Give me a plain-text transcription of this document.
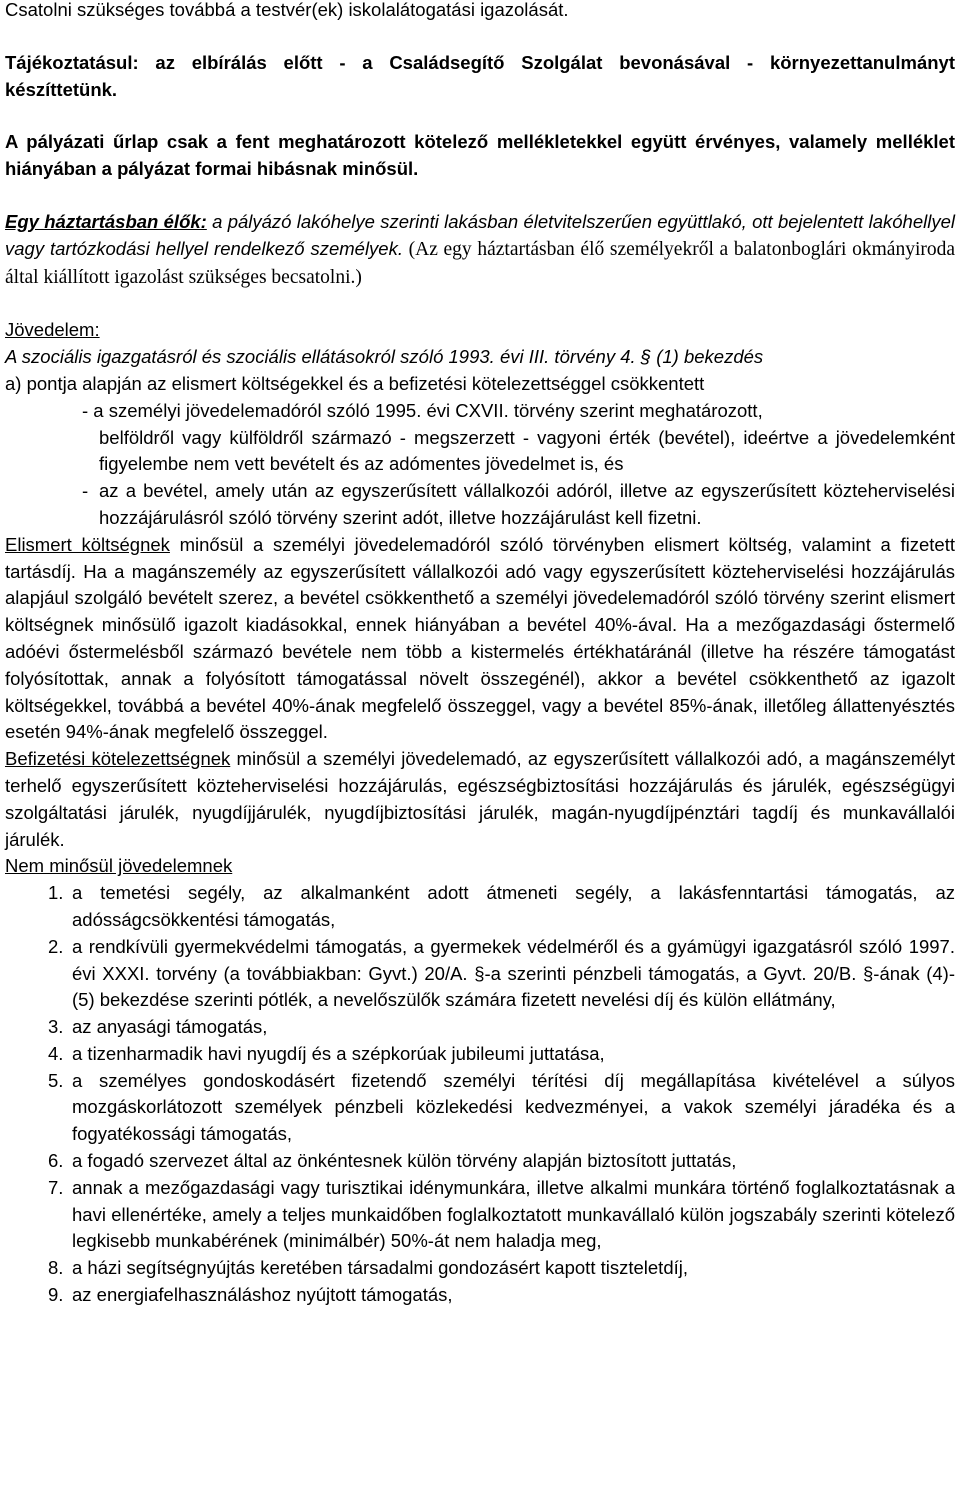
Csatolni szükséges továbbá a testvér(ek) iskolalátogatási igazolását.

Tájékoztatásul: az elbírálás előtt - a Családsegítő Szolgálat bevonásával - környezettanulmányt készíttetünk.

A pályázati űrlap csak a fent meghatározott kötelező mellékletekkel együtt érvényes, valamely melléklet hiányában a pályázat formai hibásnak minősül.

Egy háztartásban élők: a pályázó lakóhelye szerinti lakásban életvitelszerűen együttlakó, ott bejelentett lakóhellyel vagy tartózkodási hellyel rendelkező személyek. (Az egy háztartásban élő személyekről a balatonboglári okmányiroda által kiállított igazolást szükséges becsatolni.)

Jövedelem:

A szociális igazgatásról és szociális ellátásokról szóló 1993. évi III. törvény 4. § (1) bekezdés

a) pontja alapján az elismert költségekkel és a befizetési kötelezettséggel csökkentett

- a személyi jövedelemadóról szóló 1995. évi CXVII. törvény szerint meghatározott,

belföldről vagy külföldről származó - megszerzett - vagyoni érték (bevétel), ideértve a jövedelemként figyelembe nem vett bevételt és az adómentes jövedelmet is, és

- az a bevétel, amely után az egyszerűsített vállalkozói adóról, illetve az egyszerűsített közteherviselési hozzájárulásról szóló törvény szerint adót, illetve hozzájárulást kell fizetni.

Elismert költségnek minősül a személyi jövedelemadóról szóló törvényben elismert költség, valamint a fizetett tartásdíj. Ha a magánszemély az egyszerűsített vállalkozói adó vagy egyszerűsített közteherviselési hozzájárulás alapjául szolgáló bevételt szerez, a bevétel csökkenthető a személyi jövedelemadóról szóló törvény szerint elismert költségnek minősülő igazolt kiadásokkal, ennek hiányában a bevétel 40%-ával. Ha a mezőgazdasági őstermelő adóévi őstermelésből származó bevétele nem több a kistermelés értékhatáránál (illetve ha részére támogatást folyósítottak, annak a folyósított támogatással növelt összegénél), akkor a bevétel csökkenthető az igazolt költségekkel, továbbá a bevétel 40%-ának megfelelő összeggel, vagy a bevétel 85%-ának, illetőleg állattenyésztés esetén 94%-ának megfelelő összeggel.

Befizetési kötelezettségnek minősül a személyi jövedelemadó, az egyszerűsített vállalkozói adó, a magánszemélyt terhelő egyszerűsített közteherviselési hozzájárulás, egészségbiztosítási hozzájárulás és járulék, egészségügyi szolgáltatási járulék, nyugdíjjárulék, nyugdíjbiztosítási járulék, magán-nyugdíjpénztári tagdíj és munkavállalói járulék.

Nem minősül jövedelemnek

1. a temetési segély, az alkalmanként adott átmeneti segély, a lakásfenntartási támogatás, az adósságcsökkentési támogatás,
2. a rendkívüli gyermekvédelmi támogatás, a gyermekek védelméről és a gyámügyi igazgatásról szóló 1997. évi XXXI. torvény (a továbbiakban: Gyvt.) 20/A. §-a szerinti pénzbeli támogatás, a Gyvt. 20/B. §-ának (4)-(5) bekezdése szerinti pótlék, a nevelőszülők számára fizetett nevelési díj és külön ellátmány,
3. az anyasági támogatás,
4. a tizenharmadik havi nyugdíj és a szépkorúak jubileumi juttatása,
5. a személyes gondoskodásért fizetendő személyi térítési díj megállapítása kivételével a súlyos mozgáskorlátozott személyek pénzbeli közlekedési kedvezményei, a vakok személyi járadéka és a fogyatékossági támogatás,
6. a fogadó szervezet által az önkéntesnek külön törvény alapján biztosított juttatás,
7. annak a mezőgazdasági vagy turisztikai idénymunkára, illetve alkalmi munkára történő foglalkoztatásnak a havi ellenértéke, amely a teljes munkaidőben foglalkoztatott munkavállaló külön jogszabály szerinti kötelező legkisebb munkabérének (minimálbér) 50%-át nem haladja meg,
8. a házi segítségnyújtás keretében társadalmi gondozásért kapott tiszteletdíj,
9. az energiafelhasználáshoz nyújtott támogatás,
